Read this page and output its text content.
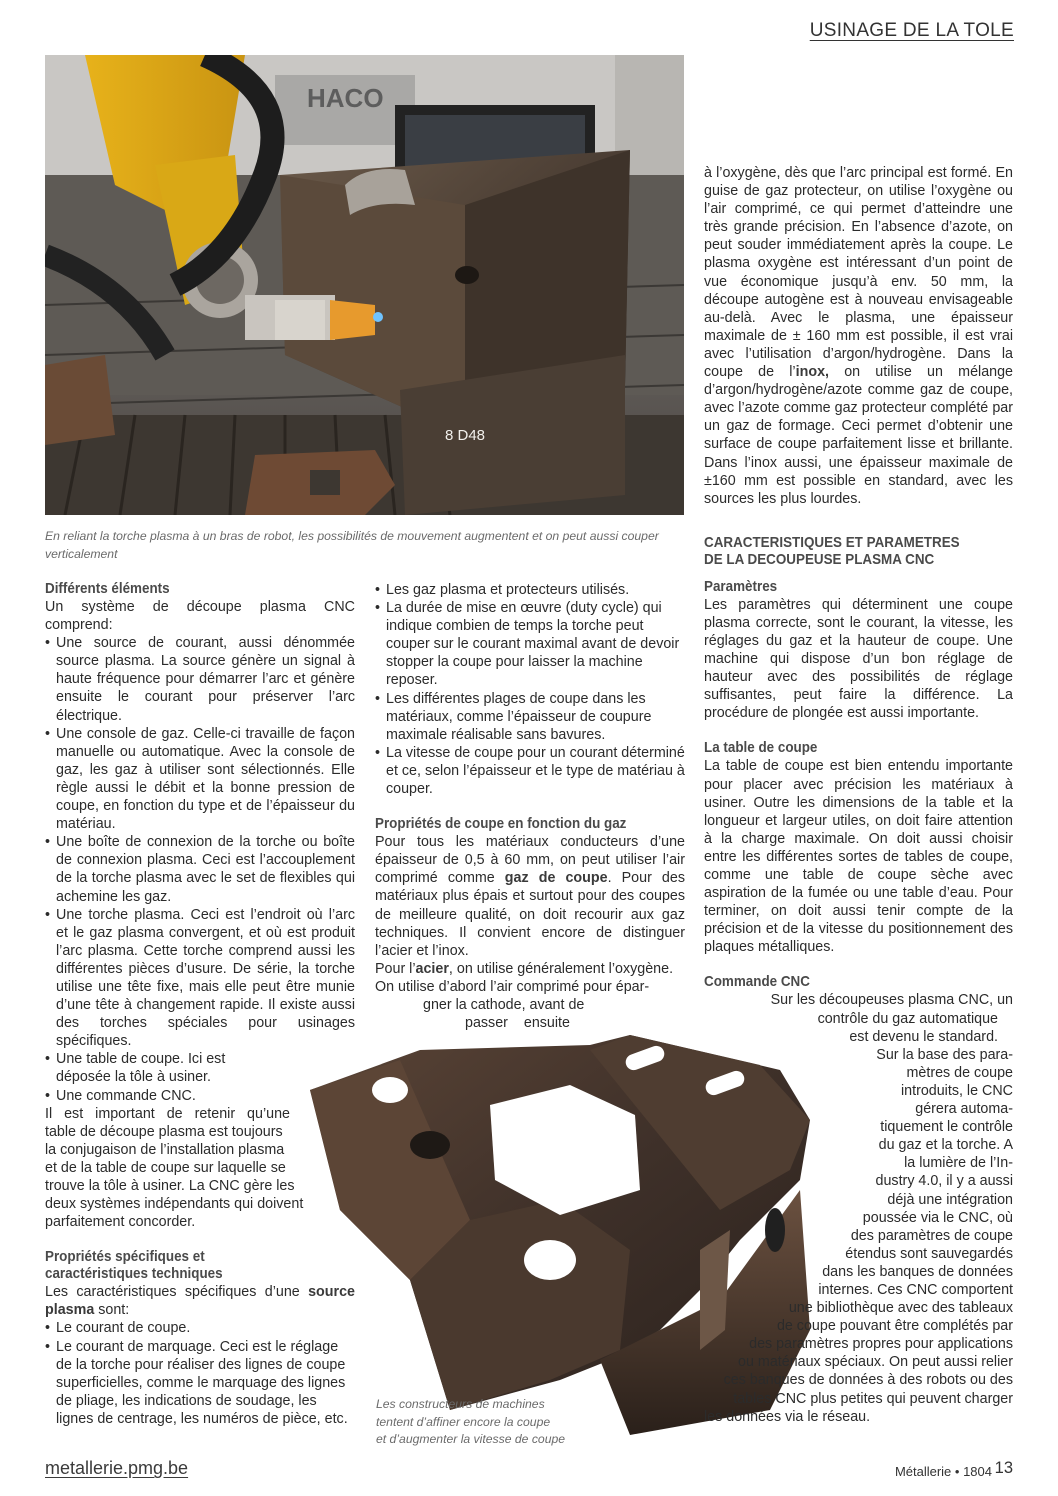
USINAGE DE LA TOLE
HACO
8 D48
En reliant la torche plasma à un bras de robot, les possibilités de mouvement augmentent et on peut aussi couper verticalement
Les constructeurs de machines
tentent d’affiner encore la coupe
et d’augmenter la vitesse de coupe
Différents éléments

Un système de découpe plasma CNC comprend:

• Une source de courant, aussi dénommée source plasma. La source génère un signal à haute fréquence pour démarrer l’arc et génère ensuite le courant pour préserver l’arc électrique.
• Une console de gaz. Celle-ci travaille de façon manuelle ou automatique. Avec la console de gaz, les gaz à utiliser sont sélectionnés. Elle règle aussi le débit et la bonne pression de coupe, en fonction du type et de l’épaisseur du matériau.
• Une boîte de connexion de la torche ou boîte de connexion plasma. Ceci est l’accouplement de la torche plasma avec le set de flexibles qui achemine les gaz.
• Une torche plasma. Ceci est l’endroit où l’arc et le gaz plasma convergent, et où est produit l’arc plasma. Cette torche comprend aussi les différentes pièces d’usure. De série, la torche utilise une tête fixe, mais elle peut être munie d’une tête à changement rapide. Il existe aussi des torches spéciales pour usinages spécifiques.
• Une table de coupe. Ici est
déposée la tôle à usiner.
• Une commande CNC.
Il est important de retenir qu’une
table de découpe plasma est toujours
la conjugaison de l’installation plasma
et de la table de coupe sur laquelle se
trouve la tôle à usiner. La CNC gère les
deux systèmes indépendants qui doivent
parfaitement concorder.
Propriétés spécifiques et
caractéristiques techniques

Les caractéristiques spécifiques d’une source plasma sont:

• Le courant de coupe.
• Le courant de marquage. Ceci est le réglage de la torche pour réaliser des lignes de coupe superficielles, comme le marquage des lignes de pliage, les indications de soudage, les lignes de centrage, les numéros de pièce, etc.
• Les gaz plasma et protecteurs utilisés.
• La durée de mise en œuvre (duty cycle) qui indique combien de temps la torche peut couper sur le courant maximal avant de devoir stopper la coupe pour laisser la machine reposer.
• Les différentes plages de coupe dans les matériaux, comme l’épaisseur de coupure maximale réalisable sans bavures.
• La vitesse de coupe pour un courant déterminé et ce, selon l’épaisseur et le type de matériau à couper.
Propriétés de coupe en fonction du gaz

Pour tous les matériaux conducteurs d’une épaisseur de 0,5 à 60 mm, on peut utiliser l’air comprimé comme gaz de coupe. Pour des matériaux plus épais et surtout pour des coupes de meilleure qualité, on doit recourir aux gaz techniques. Il convient encore de distinguer l’acier et l’inox.

Pour l’acier, on utilise généralement l’oxygène.

On utilise d’abord l’air comprimé pour épar-
gner la cathode, avant de
passer ensuite

à l’oxygène, dès que l’arc principal est formé. En guise de gaz protecteur, on utilise l’oxygène ou l’air comprimé, ce qui permet d’atteindre une très grande précision. En l’absence d’azote, on peut souder immédiatement après la coupe. Le plasma oxygène est intéressant d’un point de vue économique jusqu’à env. 50 mm, la découpe autogène est à nouveau envisageable au-delà. Avec le plasma, une épaisseur maximale de ± 160 mm est possible, il est vrai avec l’utilisation d’argon/hydrogène. Dans la coupe de l’inox, on utilise un mélange d’argon/hydrogène/azote comme gaz de coupe, avec l’azote comme gaz protecteur complété par un gaz de formage. Ceci permet d’obtenir une surface de coupe parfaitement lisse et brillante. Dans l’inox aussi, une épaisseur maximale de ±160 mm est possible en standard, avec les sources les plus lourdes.

CARACTERISTIQUES ET PARAMETRES
DE LA DECOUPEUSE PLASMA CNC
Paramètres

Les paramètres qui déterminent une coupe plasma correcte, sont le courant, la vitesse, les réglages du gaz et la hauteur de coupe. Une machine qui dispose d’un bon réglage de hauteur avec des possibilités de réglage suffisantes, peut faire la différence. La procédure de plongée est aussi importante.

La table de coupe

La table de coupe est bien entendu importante pour placer avec précision les matériaux à usiner. Outre les dimensions de la table et la longueur et largeur utiles, on doit faire attention à la charge maximale. On doit aussi choisir entre les différentes sortes de tables de coupe, comme une table de coupe sèche avec aspiration de la fumée ou une table d’eau. Pour terminer, on doit aussi tenir compte de la précision et de la vitesse du positionnement des plaques métalliques.

Commande CNC
Sur les découpeuses plasma CNC, un
contrôle du gaz automatique
est devenu le standard.
Sur la base des para-
mètres de coupe
introduits, le CNC
gérera automa-
tiquement le contrôle
du gaz et la torche. A
la lumière de l’In-
dustry 4.0, il y a aussi
déjà une intégration
poussée via le CNC, où
des paramètres de coupe
étendus sont sauvegardés
dans les banques de données
internes. Ces CNC comportent
une bibliothèque avec des tableaux
de coupe pouvant être complétés par
des paramètres propres pour applications
ou matériaux spéciaux. On peut aussi relier
ces banques de données à des robots ou des
tables CNC plus petites qui peuvent charger
les données via le réseau.
metallerie.pmg.be	Métallerie • 1804 13
